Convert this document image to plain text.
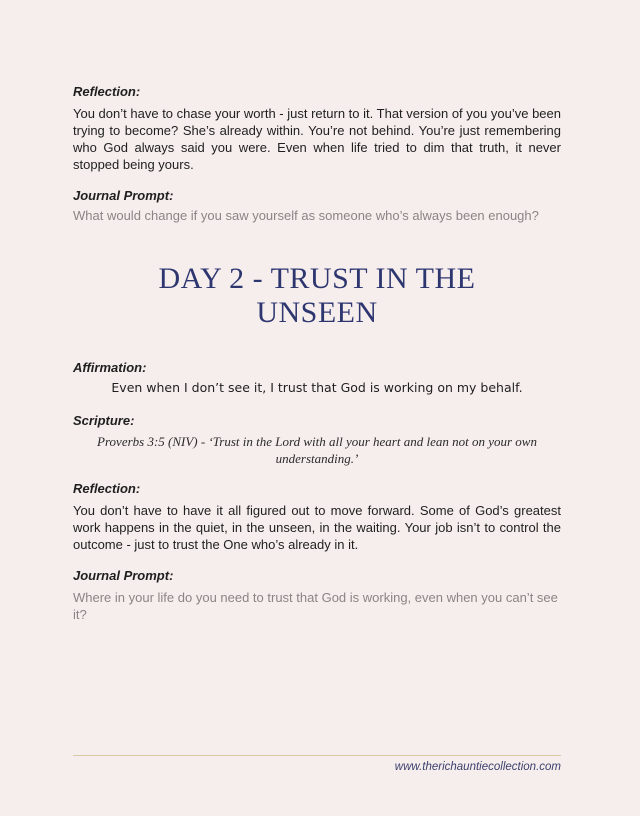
Reflection:

You don’t have to chase your worth - just return to it. That version of you you’ve been trying to become? She’s already within. You’re not behind. You’re just remembering who God always said you were. Even when life tried to dim that truth, it never stopped being yours.

Journal Prompt:

What would change if you saw yourself as someone who’s always been enough?

DAY 2 - TRUST IN THE

UNSEEN

Affirmation:

Even when I don’t see it, I trust that God is working on my behalf.

Scripture:

Proverbs 3:5 (NIV) - ‘Trust in the Lord with all your heart and lean not on your own understanding.’

Reflection:

You don’t have to have it all figured out to move forward. Some of God’s greatest work happens in the quiet, in the unseen, in the waiting. Your job isn’t to control the outcome - just to trust the One who’s already in it.

Journal Prompt:

Where in your life do you need to trust that God is working, even when you can’t see it?

www.therichauntiecollection.com
